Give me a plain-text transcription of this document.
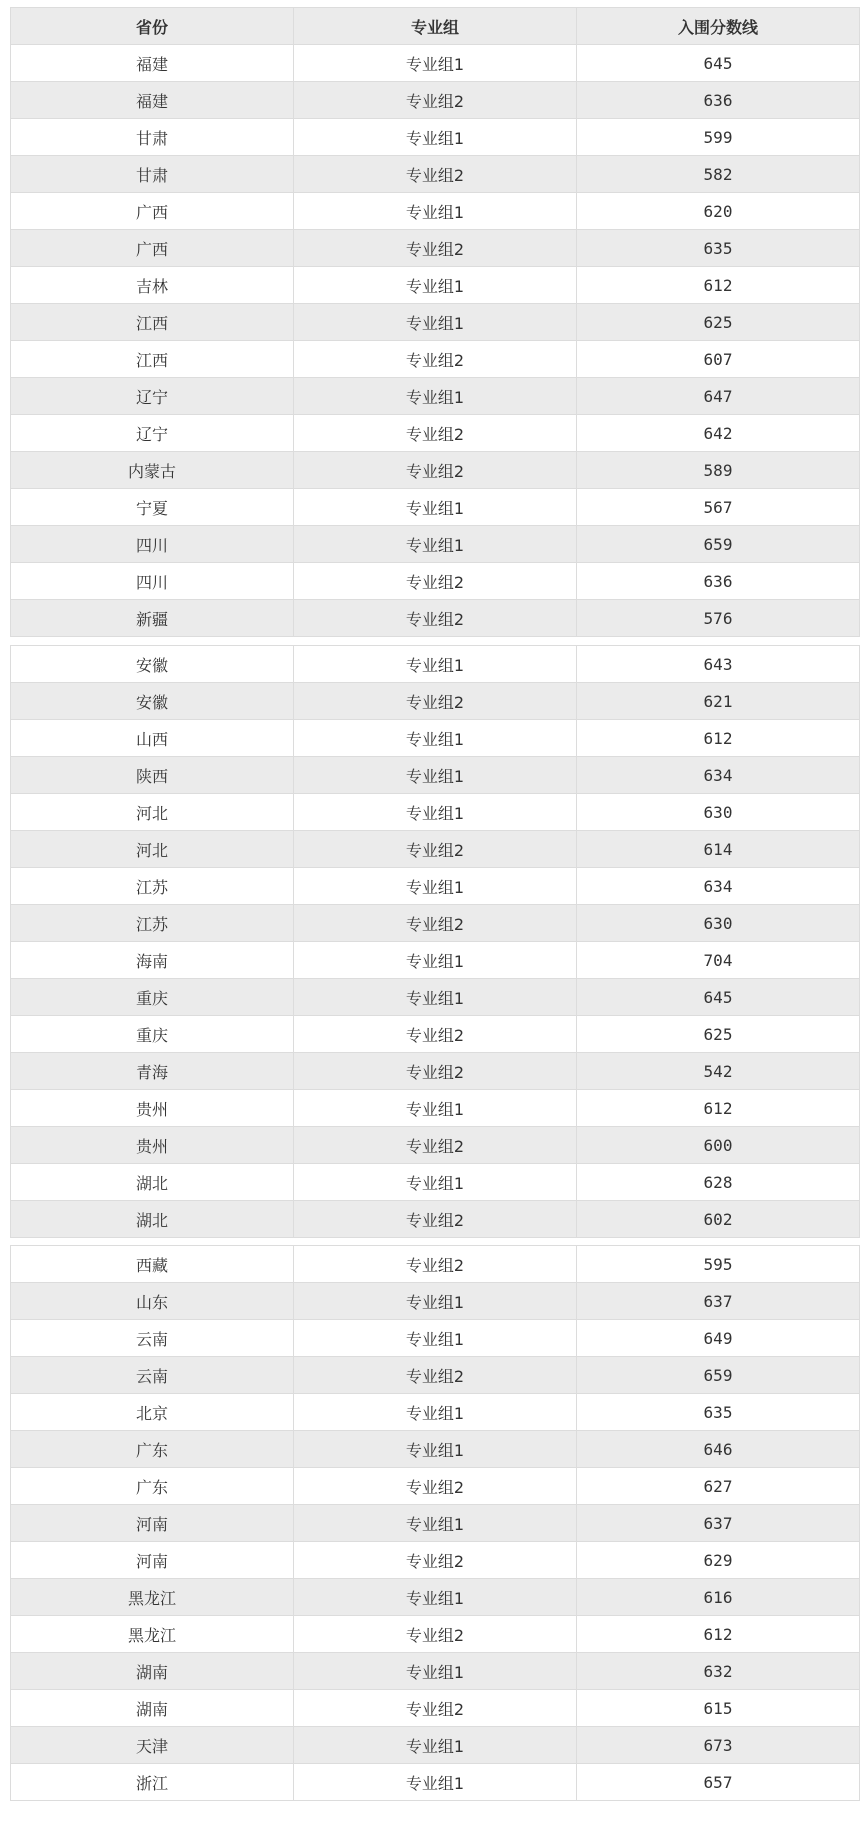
省份	专业组	入围分数线
福建	专业组1	645
福建	专业组2	636
甘肃	专业组1	599
甘肃	专业组2	582
广西	专业组1	620
广西	专业组2	635
吉林	专业组1	612
江西	专业组1	625
江西	专业组2	607
辽宁	专业组1	647
辽宁	专业组2	642
内蒙古	专业组2	589
宁夏	专业组1	567
四川	专业组1	659
四川	专业组2	636
新疆	专业组2	576
安徽	专业组1	643
安徽	专业组2	621
山西	专业组1	612
陕西	专业组1	634
河北	专业组1	630
河北	专业组2	614
江苏	专业组1	634
江苏	专业组2	630
海南	专业组1	704
重庆	专业组1	645
重庆	专业组2	625
青海	专业组2	542
贵州	专业组1	612
贵州	专业组2	600
湖北	专业组1	628
湖北	专业组2	602
西藏	专业组2	595
山东	专业组1	637
云南	专业组1	649
云南	专业组2	659
北京	专业组1	635
广东	专业组1	646
广东	专业组2	627
河南	专业组1	637
河南	专业组2	629
黑龙江	专业组1	616
黑龙江	专业组2	612
湖南	专业组1	632
湖南	专业组2	615
天津	专业组1	673
浙江	专业组1	657
